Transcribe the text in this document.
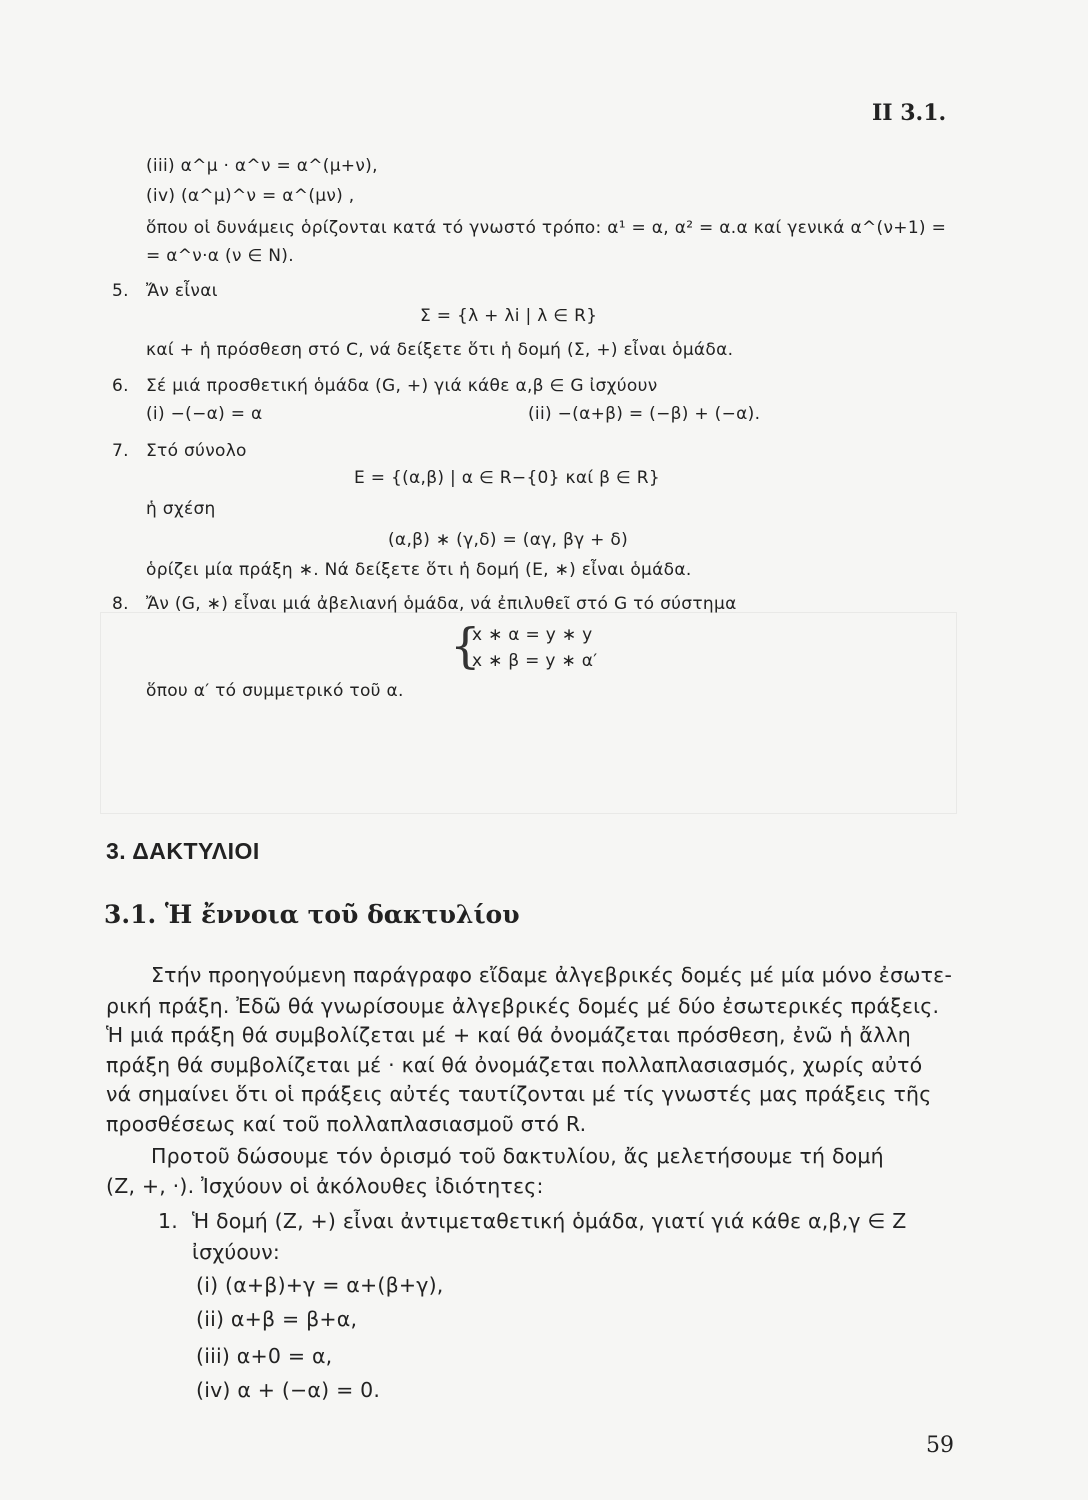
II 3.1.
(iii) α^μ · α^ν = α^(μ+ν),
(iv) (α^μ)^ν = α^(μν) ,
ὅπου οἱ δυνάμεις ὁρίζονται κατά τό γνωστό τρόπο: α¹ = α, α² = α.α καί γενικά α^(ν+1) =
= α^ν·α (ν ∈ N).
5. Ἄν εἶναι
Σ = {λ + λi | λ ∈ R}
καί + ἡ πρόσθεση στό C, νά δείξετε ὅτι ἡ δομή (Σ, +) εἶναι ὁμάδα.
6. Σέ μιά προσθετική ὁμάδα (G, +) γιά κάθε α,β ∈ G ἰσχύουν
(i) −(−α) = α	(ii) −(α+β) = (−β) + (−α).
7. Στό σύνολο
E = {(α,β) | α ∈ R−{0} καί β ∈ R}
ἡ σχέση
(α,β) ∗ (γ,δ) = (αγ, βγ + δ)
ὁρίζει μία πράξη ∗. Νά δείξετε ὅτι ἡ δομή (E, ∗) εἶναι ὁμάδα.
8. Ἄν (G, ∗) εἶναι μιά ἀβελιανή ὁμάδα, νά ἐπιλυθεῖ στό G τό σύστημα
{
x ∗ α = y ∗ y
x ∗ β = y ∗ α′
ὅπου α′ τό συμμετρικό τοῦ α.
3. ΔΑΚΤΥΛΙΟΙ
3.1. Ἡ ἔννοια τοῦ δακτυλίου
Στήν προηγούμενη παράγραφο εἴδαμε ἀλγεβρικές δομές μέ μία μόνο ἐσωτε-
ρική πράξη. Ἐδῶ θά γνωρίσουμε ἀλγεβρικές δομές μέ δύο ἐσωτερικές πράξεις.
Ἡ μιά πράξη θά συμβολίζεται μέ + καί θά ὀνομάζεται πρόσθεση, ἐνῶ ἡ ἄλλη
πράξη θά συμβολίζεται μέ · καί θά ὀνομάζεται πολλαπλασιασμός, χωρίς αὐτό
νά σημαίνει ὅτι οἱ πράξεις αὐτές ταυτίζονται μέ τίς γνωστές μας πράξεις τῆς
προσθέσεως καί τοῦ πολλαπλασιασμοῦ στό R.
Προτοῦ δώσουμε τόν ὁρισμό τοῦ δακτυλίου, ἄς μελετήσουμε τή δομή
(Z, +, ·). Ἰσχύουν οἱ ἀκόλουθες ἰδιότητες:
1. Ἡ δομή (Z, +) εἶναι ἀντιμεταθετική ὁμάδα, γιατί γιά κάθε α,β,γ ∈ Z
ἰσχύουν:
(i) (α+β)+γ = α+(β+γ),
(ii) α+β = β+α,
(iii) α+0 = α,
(iv) α + (−α) = 0.
59
